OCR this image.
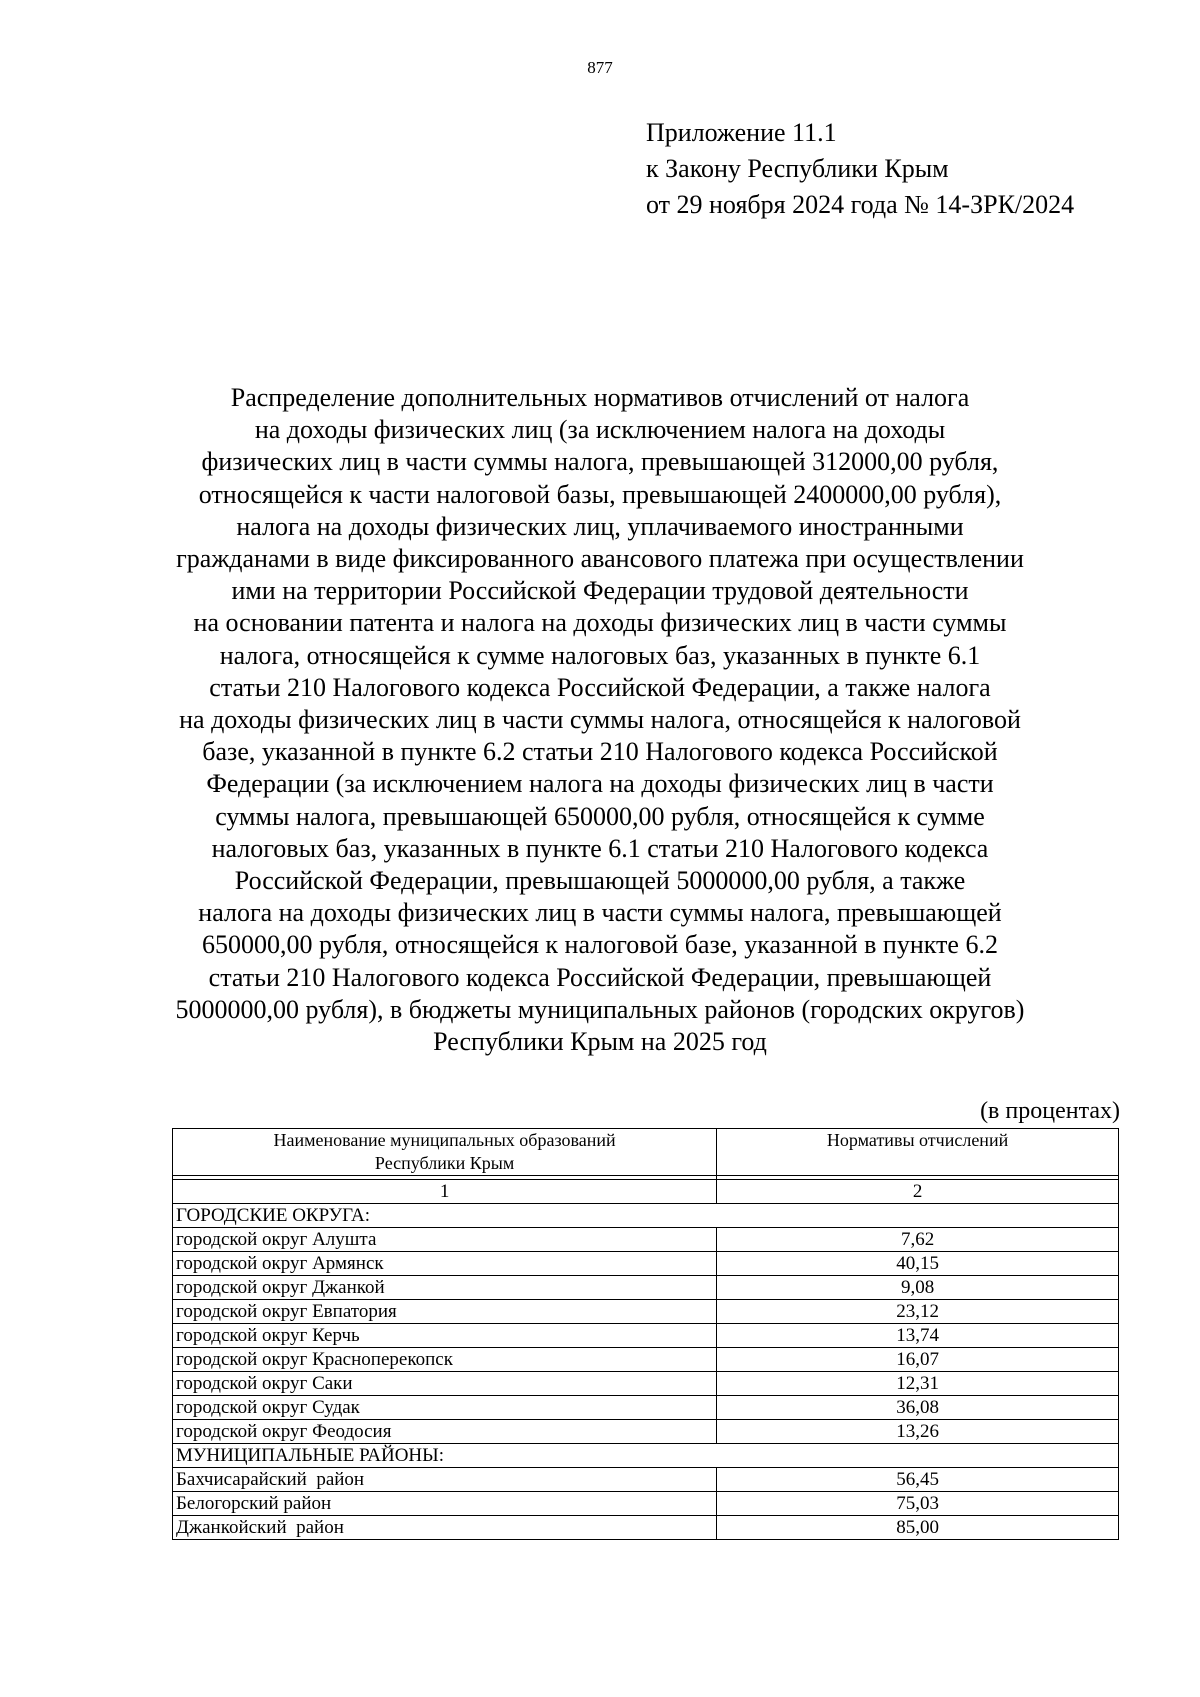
877
Приложение 11.1
к Закону Республики Крым
от 29 ноября 2024 года № 14-ЗРК/2024
Распределение дополнительных нормативов отчислений от налога
на доходы физических лиц (за исключением налога на доходы
физических лиц в части суммы налога, превышающей 312000,00 рубля,
относящейся к части налоговой базы, превышающей 2400000,00 рубля),
налога на доходы физических лиц, уплачиваемого иностранными
гражданами в виде фиксированного авансового платежа при осуществлении
ими на территории Российской Федерации трудовой деятельности
на основании патента и налога на доходы физических лиц в части суммы
налога, относящейся к сумме налоговых баз, указанных в пункте 6.1
статьи 210 Налогового кодекса Российской Федерации, а также налога
на доходы физических лиц в части суммы налога, относящейся к налоговой
базе, указанной в пункте 6.2 статьи 210 Налогового кодекса Российской
Федерации (за исключением налога на доходы физических лиц в части
суммы налога, превышающей 650000,00 рубля, относящейся к сумме
налоговых баз, указанных в пункте 6.1 статьи 210 Налогового кодекса
Российской Федерации, превышающей 5000000,00 рубля, а также
налога на доходы физических лиц в части суммы налога, превышающей
650000,00 рубля, относящейся к налоговой базе, указанной в пункте 6.2
статьи 210 Налогового кодекса Российской Федерации, превышающей
5000000,00 рубля), в бюджеты муниципальных районов (городских округов)
Республики Крым на 2025 год
(в процентах)
Наименование муниципальных образований
Республики Крым	Нормативы отчислений

1	2
ГОРОДСКИЕ ОКРУГА:	
городской округ Алушта	7,62
городской округ Армянск	40,15
городской округ Джанкой	9,08
городской округ Евпатория	23,12
городской округ Керчь	13,74
городской округ Красноперекопск	16,07
городской округ Саки	12,31
городской округ Судак	36,08
городской округ Феодосия	13,26
МУНИЦИПАЛЬНЫЕ РАЙОНЫ:	
Бахчисарайский  район	56,45
Белогорский район	75,03
Джанкойский  район	85,00
